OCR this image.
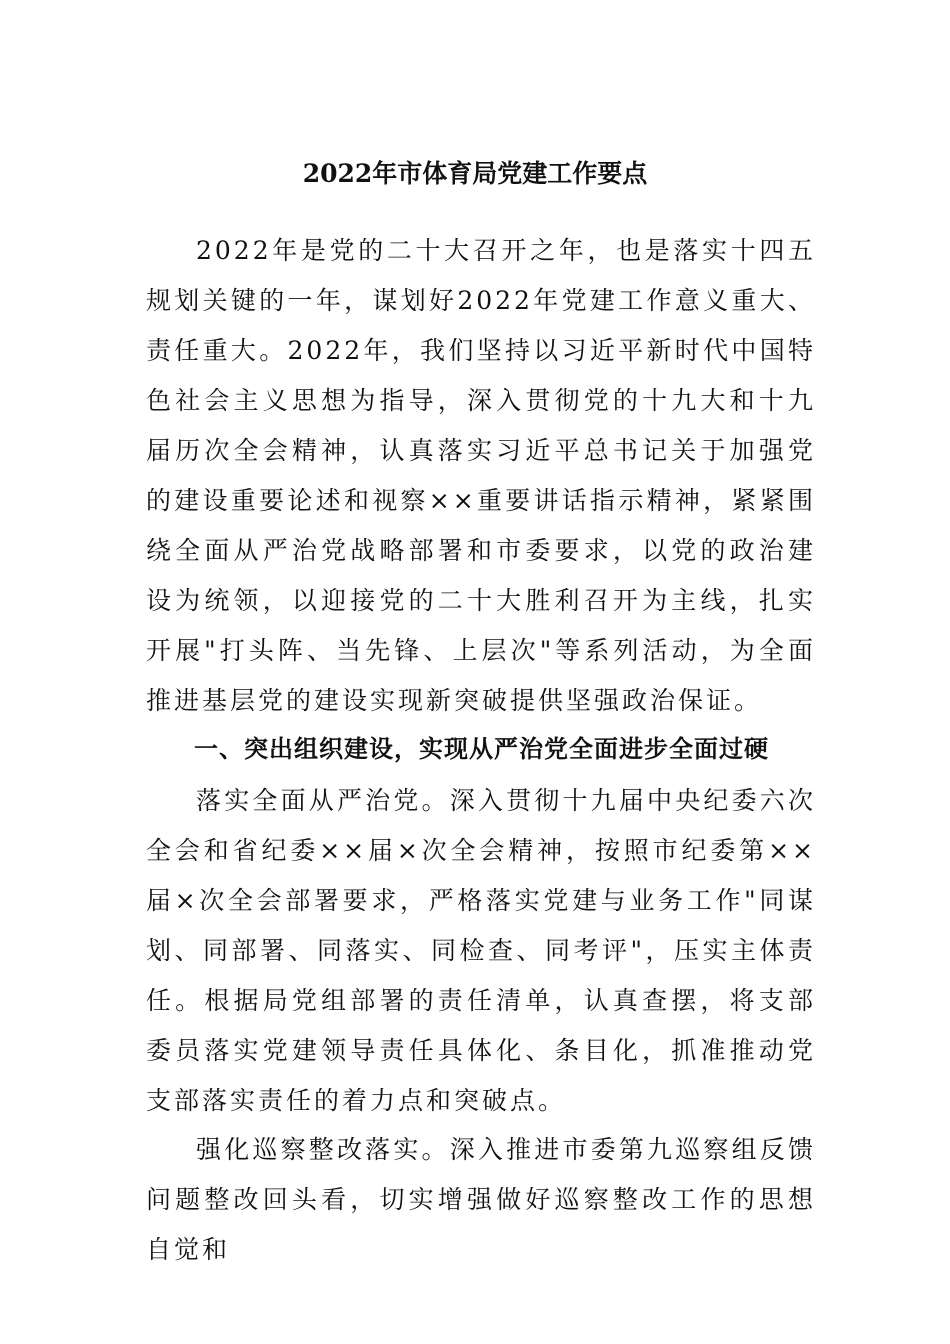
2022年市体育局党建工作要点

2022年是党的二十大召开之年，也是落实十四五规划关键的一年，谋划好2022年党建工作意义重大、责任重大。2022年，我们坚持以习近平新时代中国特色社会主义思想为指导，深入贯彻党的十九大和十九届历次全会精神，认真落实习近平总书记关于加强党的建设重要论述和视察××重要讲话指示精神，紧紧围绕全面从严治党战略部署和市委要求，以党的政治建设为统领，以迎接党的二十大胜利召开为主线，扎实开展"打头阵、当先锋、上层次"等系列活动，为全面推进基层党的建设实现新突破提供坚强政治保证。

一、突出组织建设，实现从严治党全面进步全面过硬

落实全面从严治党。深入贯彻十九届中央纪委六次全会和省纪委××届×次全会精神，按照市纪委第××届×次全会部署要求，严格落实党建与业务工作"同谋划、同部署、同落实、同检查、同考评"，压实主体责任。根据局党组部署的责任清单，认真查摆，将支部委员落实党建领导责任具体化、条目化，抓准推动党支部落实责任的着力点和突破点。

强化巡察整改落实。深入推进市委第九巡察组反馈问题整改回头看，切实增强做好巡察整改工作的思想自觉和
